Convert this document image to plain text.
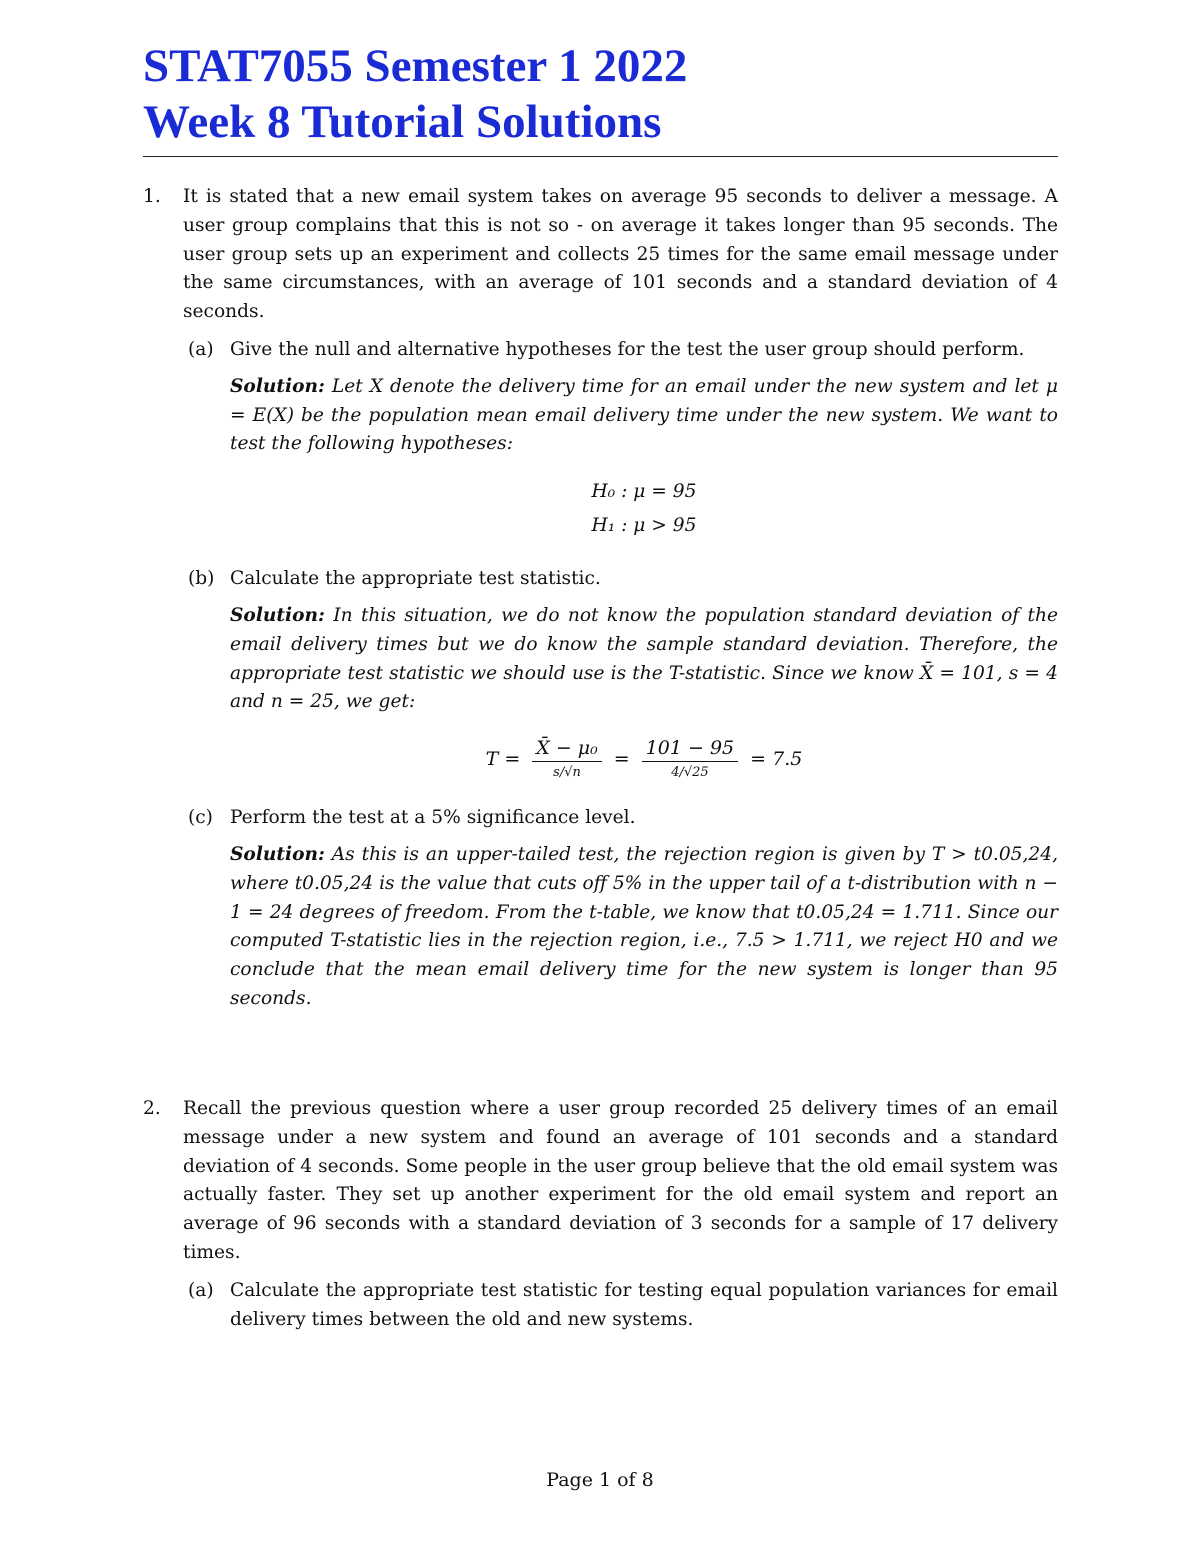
STAT7055 Semester 1 2022
Week 8 Tutorial Solutions
1.	It is stated that a new email system takes on average 95 seconds to deliver a message. A user group complains that this is not so - on average it takes longer than 95 seconds. The user group sets up an experiment and collects 25 times for the same email message under the same circumstances, with an average of 101 seconds and a standard deviation of 4 seconds.
(a) Give the null and alternative hypotheses for the test the user group should perform.
Solution: Let X denote the delivery time for an email under the new system and let μ = E(X) be the population mean email delivery time under the new system. We want to test the following hypotheses:
H₀ : μ = 95
H₁ : μ > 95
(b) Calculate the appropriate test statistic.
Solution: In this situation, we do not know the population standard deviation of the email delivery times but we do know the sample standard deviation. Therefore, the appropriate test statistic we should use is the T-statistic. Since we know X̄ = 101, s = 4 and n = 25, we get:
$T = \frac{\text{X̄ − μ₀}}{s/√n} = \frac{101 - 95}{4/√25} = 7.5$
(c) Perform the test at a 5% significance level.
Solution: As this is an upper-tailed test, the rejection region is given by T > t0.05,24, where t0.05,24 is the value that cuts off 5% in the upper tail of a t-distribution with n − 1 = 24 degrees of freedom. From the t-table, we know that t0.05,24 = 1.711. Since our computed T-statistic lies in the rejection region, i.e., 7.5 > 1.711, we reject H0 and we conclude that the mean email delivery time for the new system is longer than 95 seconds.
2.	Recall the previous question where a user group recorded 25 delivery times of an email message under a new system and found an average of 101 seconds and a standard deviation of 4 seconds. Some people in the user group believe that the old email system was actually faster. They set up another experiment for the old email system and report an average of 96 seconds with a standard deviation of 3 seconds for a sample of 17 delivery times.
(a) Calculate the appropriate test statistic for testing equal population variances for email delivery times between the old and new systems.
Page 1 of 8
